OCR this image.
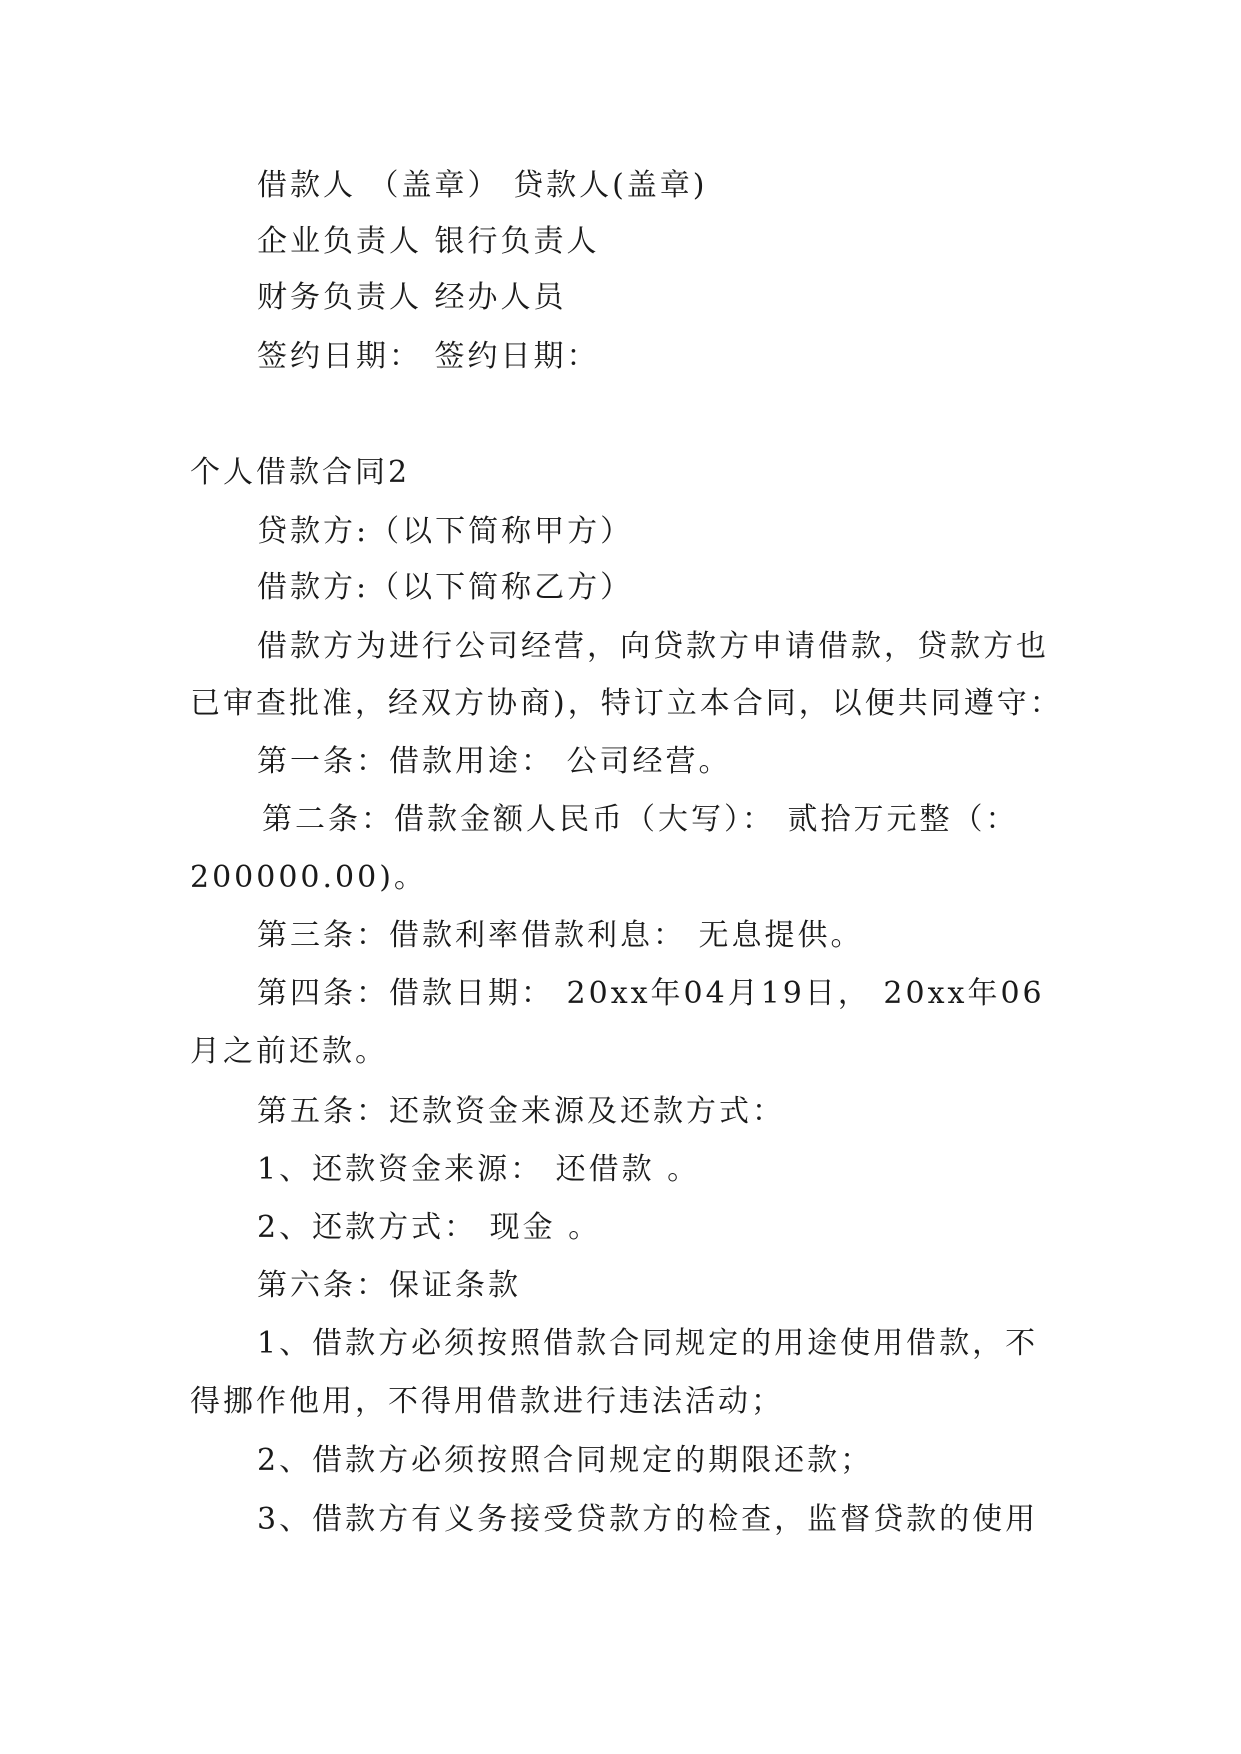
借款人 （盖章） 贷款人(盖章)
企业负责人 银行负责人
财务负责人 经办人员
签约日期： 签约日期：
个人借款合同2
贷款方:（以下简称甲方）
借款方:（以下简称乙方）
借款方为进行公司经营，向贷款方申请借款，贷款方也
已审查批准，经双方协商)，特订立本合同，以便共同遵守：
第一条：借款用途： 公司经营。
第二条：借款金额人民币（大写）： 贰拾万元整（：
200000.00)。
第三条：借款利率借款利息： 无息提供。
第四条：借款日期： 20xx年04月19日， 20xx年06
月之前还款。
第五条：还款资金来源及还款方式：
1、还款资金来源： 还借款 。
2、还款方式： 现金 。
第六条：保证条款
1、借款方必须按照借款合同规定的用途使用借款，不
得挪作他用，不得用借款进行违法活动；
2、借款方必须按照合同规定的期限还款；
3、借款方有义务接受贷款方的检查，监督贷款的使用
